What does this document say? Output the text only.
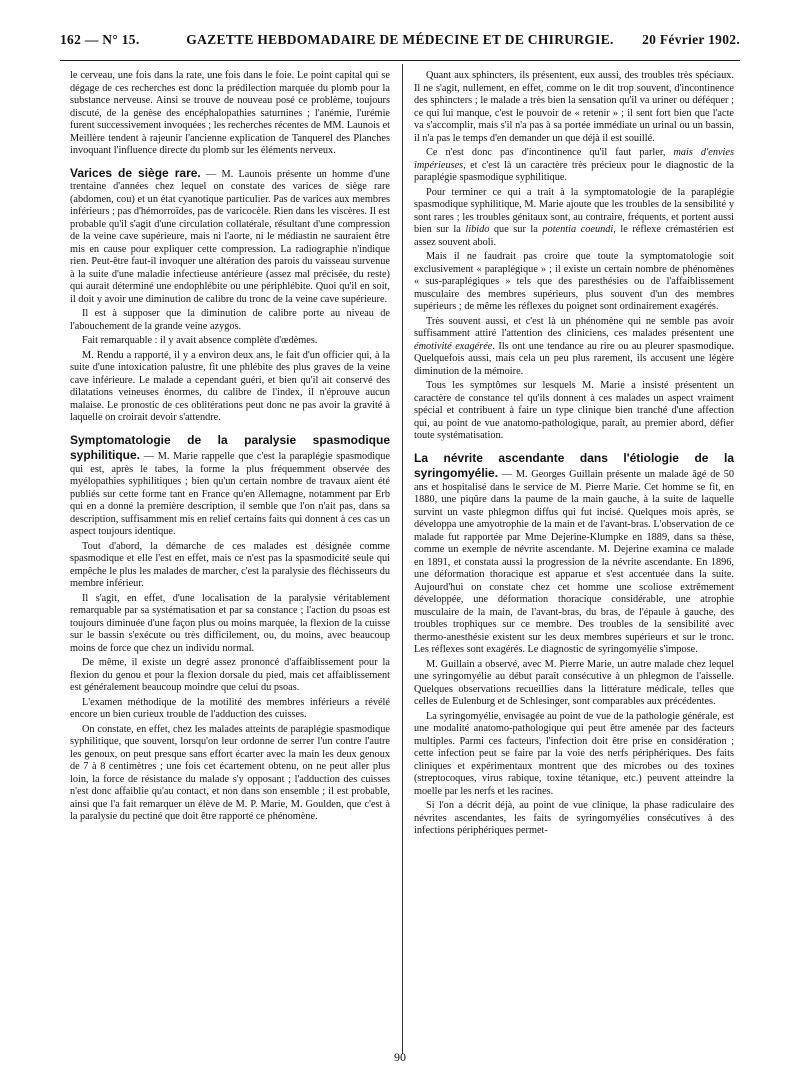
162 — N° 15.	GAZETTE HEBDOMADAIRE DE MÉDECINE ET DE CHIRURGIE.	20 Février 1902.

le cerveau, une fois dans la rate, une fois dans le foie. Le point capital qui se dégage de ces recherches est donc la prédilection marquée du plomb pour la substance nerveuse. Ainsi se trouve de nouveau posé ce problème, toujours discuté, de la genèse des encéphalopathies saturnines ; l'anémie, l'urémie furent successivement invoquées ; les recherches récentes de MM. Launois et Meillère tendent à rajeunir l'ancienne explication de Tanquerel des Planches invoquant l'influence directe du plomb sur les éléments nerveux.

Varices de siège rare. — M. Launois présente un homme d'une trentaine d'années chez lequel on constate des varices de siège rare (abdomen, cou) et un état cyanotique particulier. Pas de varices aux membres inférieurs ; pas d'hémorroïdes, pas de varicocèle. Rien dans les viscères. Il est probable qu'il s'agit d'une circulation collatérale, résultant d'une compression de la veine cave supérieure, mais ni l'aorte, ni le médiastin ne sauraient être mis en cause pour expliquer cette compression. La radiographie n'indique rien. Peut-être faut-il invoquer une altération des parois du vaisseau survenue à la suite d'une maladie infectieuse antérieure (assez mal précisée, du reste) qui aurait déterminé une endophlébite ou une périphlébite. Quoi qu'il en soit, il doit y avoir une diminution de calibre du tronc de la veine cave supérieure.

Il est à supposer que la diminution de calibre porte au niveau de l'abouchement de la grande veine azygos.

Fait remarquable : il y avait absence complète d'œdèmes.

M. Rendu a rapporté, il y a environ deux ans, le fait d'un officier qui, à la suite d'une intoxication palustre, fit une phlébite des plus graves de la veine cave inférieure. Le malade a cependant guéri, et bien qu'il ait conservé des dilatations veineuses énormes, du calibre de l'index, il n'éprouve aucun malaise. Le pronostic de ces oblitérations peut donc ne pas avoir la gravité à laquelle on croirait devoir s'attendre.

Symptomatologie de la paralysie spasmodique syphilitique. — M. Marie rappelle que c'est la paraplégie spasmodique qui est, après le tabes, la forme la plus fréquemment observée des myélopathies syphilitiques ; bien qu'un certain nombre de travaux aient été publiés sur cette forme tant en France qu'en Allemagne, notamment par Erb qui en a donné la première description, il semble que l'on n'ait pas, dans sa description, suffisamment mis en relief certains faits qui donnent à ces cas un aspect toujours identique.

Tout d'abord, la démarche de ces malades est désignée comme spasmodique et elle l'est en effet, mais ce n'est pas la spasmodicité seule qui empêche le plus les malades de marcher, c'est la paralysie des fléchisseurs du membre inférieur.

Il s'agit, en effet, d'une localisation de la paralysie véritablement remarquable par sa systématisation et par sa constance ; l'action du psoas est toujours diminuée d'une façon plus ou moins marquée, la flexion de la cuisse sur le bassin s'exécute ou très difficilement, ou, du moins, avec beaucoup moins de force que chez un individu normal.

De même, il existe un degré assez prononcé d'affaiblissement pour la flexion du genou et pour la flexion dorsale du pied, mais cet affaiblissement est généralement beaucoup moindre que celui du psoas.

L'examen méthodique de la motilité des membres inférieurs a révélé encore un bien curieux trouble de l'adduction des cuisses.

On constate, en effet, chez les malades atteints de paraplégie spasmodique syphilitique, que souvent, lorsqu'on leur ordonne de serrer l'un contre l'autre les genoux, on peut presque sans effort écarter avec la main les deux genoux de 7 à 8 centimètres ; une fois cet écartement obtenu, on ne peut aller plus loin, la force de résistance du malade s'y opposant ; l'adduction des cuisses n'est donc affaiblie qu'au contact, et non dans son ensemble ; il est probable, ainsi que l'a fait remarquer un élève de M. P. Marie, M. Goulden, que c'est à la paralysie du pectiné que doit être rapporté ce phénomène.

Quant aux sphincters, ils présentent, eux aussi, des troubles très spéciaux. Il ne s'agit, nullement, en effet, comme on le dit trop souvent, d'incontinence des sphincters ; le malade a très bien la sensation qu'il va uriner ou déféquer ; ce qui lui manque, c'est le pouvoir de « retenir » ; il sent fort bien que l'acte va s'accomplir, mais s'il n'a pas à sa portée immédiate un urinal ou un bassin, il n'a pas le temps d'en demander un que déjà il est souillé.

Ce n'est donc pas d'incontinence qu'il faut parler, mais d'envies impérieuses, et c'est là un caractère très précieux pour le diagnostic de la paraplégie spasmodique syphilitique.

Pour terminer ce qui a trait à la symptomatologie de la paraplégie spasmodique syphilitique, M. Marie ajoute que les troubles de la sensibilité y sont rares ; les troubles génitaux sont, au contraire, fréquents, et portent aussi bien sur la libido que sur la potentia coeundi, le réflexe crémastérien est assez souvent aboli.

Mais il ne faudrait pas croire que toute la symptomatologie soit exclusivement « paraplégique » ; il existe un certain nombre de phénomènes « sus-paraplégiques » tels que des paresthésies ou de l'affaiblissement musculaire des membres supérieurs, plus souvent d'un des membres supérieurs ; de même les réflexes du poignet sont ordinairement exagérés.

Très souvent aussi, et c'est là un phénomène qui ne semble pas avoir suffisamment attiré l'attention des cliniciens, ces malades présentent une émotivité exagérée. Ils ont une tendance au rire ou au pleurer spasmodique. Quelquefois aussi, mais cela un peu plus rarement, ils accusent une légère diminution de la mémoire.

Tous les symptômes sur lesquels M. Marie a insisté présentent un caractère de constance tel qu'ils donnent à ces malades un aspect vraiment spécial et contribuent à faire un type clinique bien tranché d'une affection qui, au point de vue anatomo-pathologique, paraît, au premier abord, défier toute systématisation.

La névrite ascendante dans l'étiologie de la syringomyélie. — M. Georges Guillain présente un malade âgé de 50 ans et hospitalisé dans le service de M. Pierre Marie. Cet homme se fit, en 1880, une piqûre dans la paume de la main gauche, à la suite de laquelle survint un vaste phlegmon diffus qui fut incisé. Quelques mois après, se développa une amyotrophie de la main et de l'avant-bras. L'observation de ce malade fut rapportée par Mme Dejerine-Klumpke en 1889, dans sa thèse, comme un exemple de névrite ascendante. M. Dejerine examina ce malade en 1891, et constata aussi la progression de la névrite ascendante. En 1896, une déformation thoracique est apparue et s'est accentuée dans la suite. Aujourd'hui on constate chez cet homme une scoliose extrêmement développée, une déformation thoracique considérable, une atrophie musculaire de la main, de l'avant-bras, du bras, de l'épaule à gauche, des troubles trophiques sur ce membre. Des troubles de la sensibilité avec thermo-anesthésie existent sur les deux membres supérieurs et sur le tronc. Les réflexes sont exagérés. Le diagnostic de syringomyélie s'impose.

M. Guillain a observé, avec M. Pierre Marie, un autre malade chez lequel une syringomyélie au début paraît consécutive à un phlegmon de l'aisselle. Quelques observations recueillies dans la littérature médicale, telles que celles de Eulenburg et de Schlesinger, sont comparables aux précédentes.

La syringomyélie, envisagée au point de vue de la pathologie générale, est une modalité anatomo-pathologique qui peut être amenée par des facteurs multiples. Parmi ces facteurs, l'infection doit être prise en considération ; cette infection peut se faire par la voie des nerfs périphériques. Des faits cliniques et expérimentaux montrent que des microbes ou des toxines (streptocoques, virus rabique, toxine tétanique, etc.) peuvent atteindre la moelle par les nerfs et les racines.

Si l'on a décrit déjà, au point de vue clinique, la phase radiculaire des névrites ascendantes, les faits de syringomyélies consécutives à des infections périphériques permet-

90
